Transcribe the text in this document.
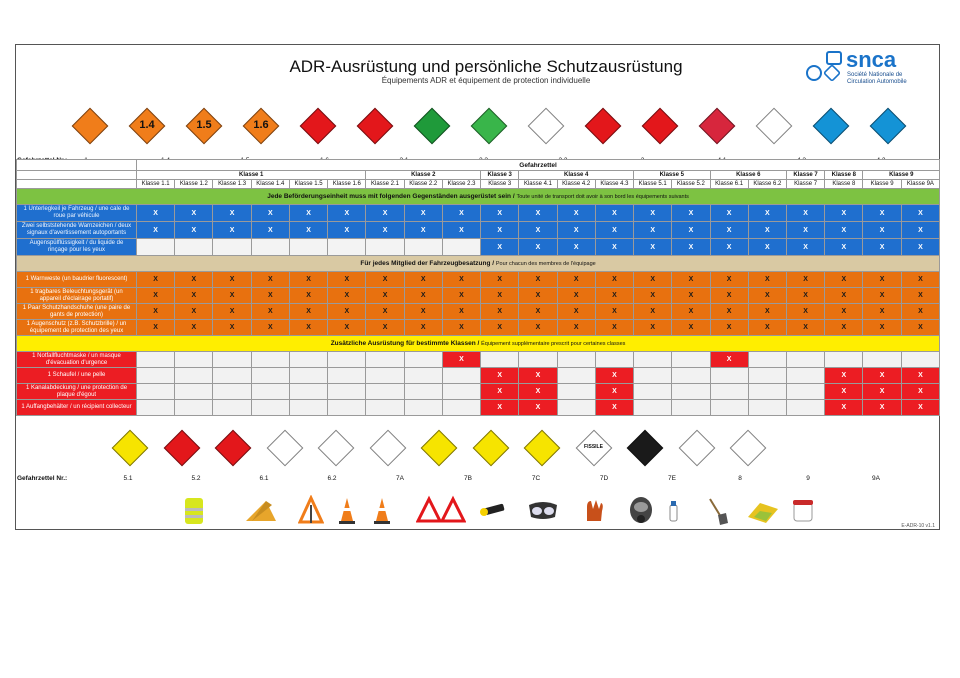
ADR-Ausrüstung und persönliche Schutzausrüstung
Équipements ADR et équipement de protection individuelle
snca
Société Nationale de
Circulation Automobile
1.4	1.5	1.6
	Gefahrzettel																				
	Klasse 1						Klasse 2			Klasse 3	Klasse 4			Klasse 5		Klasse 6		Klasse 7	Klasse 8	Klasse 9	
	Klasse 1.1	Klasse 1.2	Klasse 1.3	Klasse 1.4	Klasse 1.5	Klasse 1.6	Klasse 2.1	Klasse 2.2	Klasse 2.3	Klasse 3	Klasse 4.1	Klasse 4.2	Klasse 4.3	Klasse 5.1	Klasse 5.2	Klasse 6.1	Klasse 6.2	Klasse 7	Klasse 8	Klasse 9	Klasse 9A
Jede Beförderungseinheit muss mit folgenden Gegenständen ausgerüstet sein / Toute unité de transport doit avoir à son bord les équipements suivants																					
1 Unterlegkeil je Fahrzeug / une cale de roue par véhicule	X	X	X	X	X	X	X	X	X	X	X	X	X	X	X	X	X	X	X	X	X
Zwei selbststehende Warnzeichen / deux signaux d'avertissement autoportants	X	X	X	X	X	X	X	X	X	X	X	X	X	X	X	X	X	X	X	X	X
Augenspülflüssigkeit / du liquide de rinçage pour les yeux										X	X	X	X	X	X	X	X	X	X	X	X
Für jedes Mitglied der Fahrzeugbesatzung / Pour chacun des membres de l'équipage																					
1 Warnweste (un baudrier fluorescent)	X	X	X	X	X	X	X	X	X	X	X	X	X	X	X	X	X	X	X	X	X
1 tragbares Beleuchtungsgerät (un appareil d'éclairage portatif)	X	X	X	X	X	X	X	X	X	X	X	X	X	X	X	X	X	X	X	X	X
1 Paar Schutzhandschuhe (une paire de gants de protection)	X	X	X	X	X	X	X	X	X	X	X	X	X	X	X	X	X	X	X	X	X
1 Augenschutz (z.B. Schutzbrille) / un équipement de protection des yeux	X	X	X	X	X	X	X	X	X	X	X	X	X	X	X	X	X	X	X	X	X
Zusätzliche Ausrüstung für bestimmte Klassen / Équipement supplémentaire prescrit pour certaines classes																					
1 Notfallfluchtmaske / un masque d'évacuation d'urgence									X							X					
1 Schaufel / une pelle										X	X		X						X	X	X
1 Kanalabdeckung / une protection de plaque d'égout										X	X		X						X	X	X
1 Auffangbehälter / un récipient collecteur										X	X		X						X	X	X
FISSILE
Gefahrzettel Nr.:	5.1	5.2	6.1	6.2	7A	7B	7C	7D	7E	8	9	9A
E-ADR-10 v1.1
